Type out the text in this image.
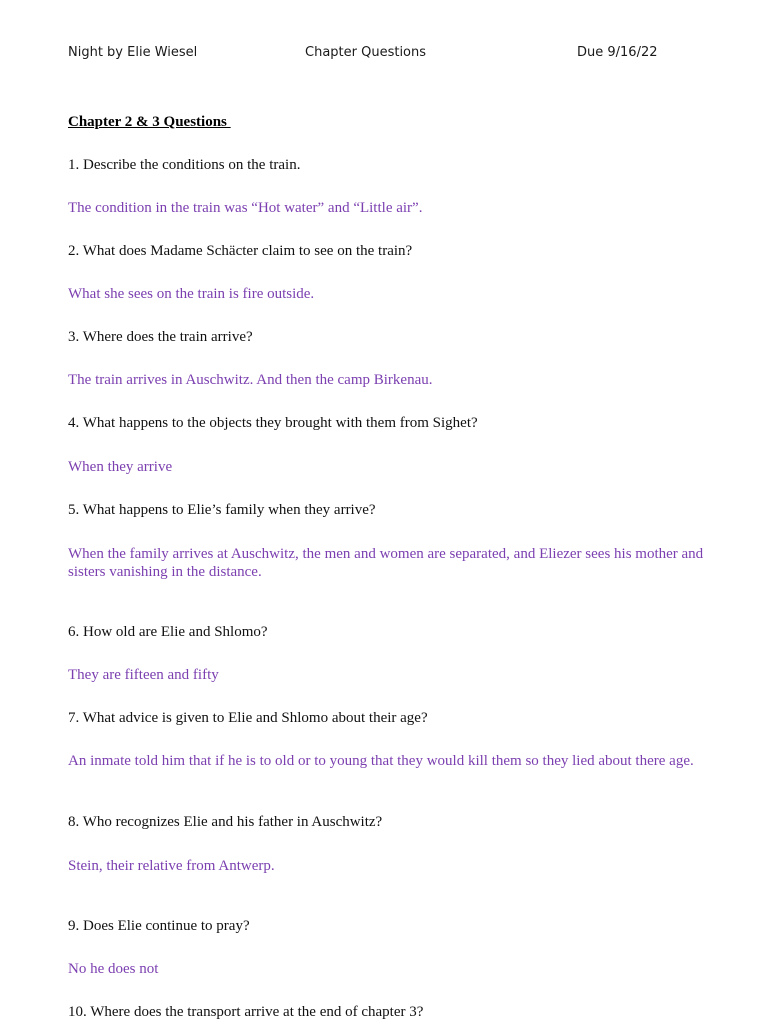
Night by Elie Wiesel	Chapter Questions	Due 9/16/22

Chapter 2 & 3 Questions

1. Describe the conditions on the train.

The condition in the train was “Hot water” and “Little air”.

2. What does Madame Schäcter claim to see on the train?

What she sees on the train is fire outside.

3. Where does the train arrive?

The train arrives in Auschwitz. And then the camp Birkenau.

4. What happens to the objects they brought with them from Sighet?

When they arrive

5. What happens to Elie’s family when they arrive?

When the family arrives at Auschwitz, the men and women are separated, and Eliezer sees his mother and sisters vanishing in the distance.

6. How old are Elie and Shlomo?

They are fifteen and fifty

7. What advice is given to Elie and Shlomo about their age?

An inmate told him that if he is to old or to young that they would kill them so they lied about there age.

8. Who recognizes Elie and his father in Auschwitz?

Stein, their relative from Antwerp.

9. Does Elie continue to pray?

No he does not

10. Where does the transport arrive at the end of chapter 3?
